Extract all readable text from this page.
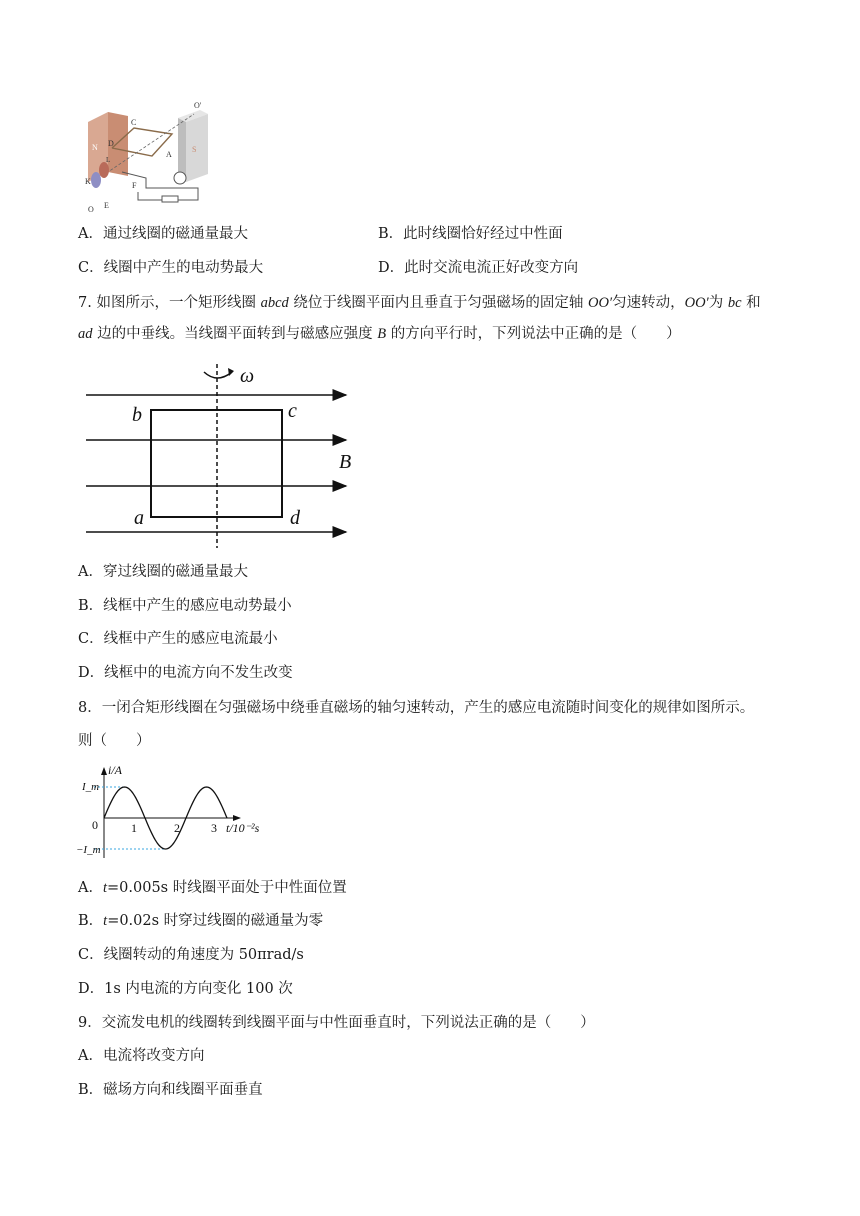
N	S
O'
C
D
A
L
K	F
O E
A．通过线圈的磁通量最大	B．此时线圈恰好经过中性面
C．线圈中产生的电动势最大	D．此时交流电流正好改变方向
7. 如图所示，一个矩形线圈 abcd 绕位于线圈平面内且垂直于匀强磁场的固定轴 OO′匀速转动，OO′为 bc 和
ad 边的中垂线。当线圈平面转到与磁感应强度 B 的方向平行时，下列说法中正确的是（　　）
ω
B
b	c
a	d
A．穿过线圈的磁通量最大
B．线框中产生的感应电动势最小
C．线框中产生的感应电流最小
D．线框中的电流方向不发生改变
8．一闭合矩形线圈在匀强磁场中绕垂直磁场的轴匀速转动，产生的感应电流随时间变化的规律如图所示。
则（　　）
i/A
t/10⁻²s
I_m
−I_m
0	1	2	3
A．t=0.005s 时线圈平面处于中性面位置
B．t=0.02s 时穿过线圈的磁通量为零
C．线圈转动的角速度为 50πrad/s
D．1s 内电流的方向变化 100 次
9．交流发电机的线圈转到线圈平面与中性面垂直时，下列说法正确的是（　　）
A．电流将改变方向
B．磁场方向和线圈平面垂直
